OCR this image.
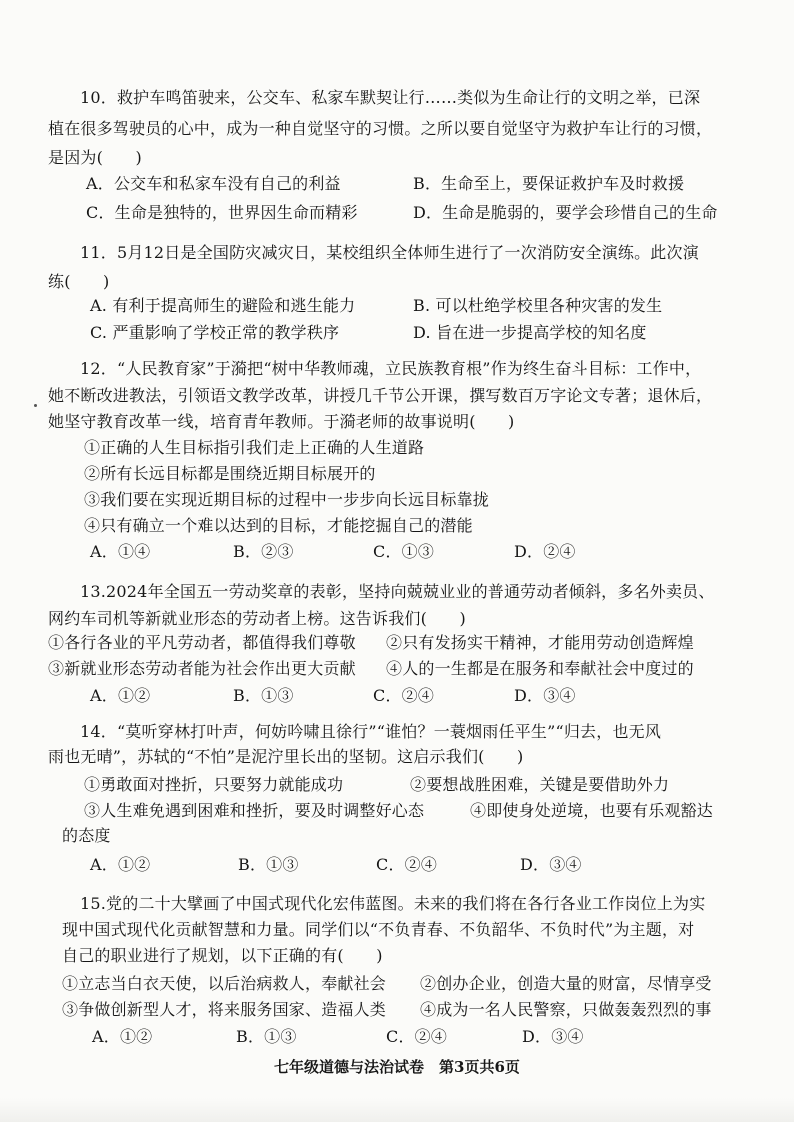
10．救护车鸣笛驶来，公交车、私家车默契让行……类似为生命让行的文明之举，已深
植在很多驾驶员的心中，成为一种自觉坚守的习惯。之所以要自觉坚守为救护车让行的习惯，
是因为(　　)
A．公交车和私家车没有自己的利益	B．生命至上，要保证救护车及时救援
C．生命是独特的，世界因生命而精彩	D．生命是脆弱的，要学会珍惜自己的生命
11．5月12日是全国防灾减灾日，某校组织全体师生进行了一次消防安全演练。此次演
练(　　)
A. 有利于提高师生的避险和逃生能力	B. 可以杜绝学校里各种灾害的发生
C. 严重影响了学校正常的教学秩序	D. 旨在进一步提高学校的知名度
12．“人民教育家”于漪把“树中华教师魂，立民族教育根”作为终生奋斗目标：工作中，
她不断改进教法，引领语文教学改革，讲授几千节公开课，撰写数百万字论文专著；退休后，
她坚守教育改革一线，培育青年教师。于漪老师的故事说明(　　)
①正确的人生目标指引我们走上正确的人生道路
②所有长远目标都是围绕近期目标展开的
③我们要在实现近期目标的过程中一步步向长远目标靠拢
④只有确立一个难以达到的目标，才能挖掘自己的潜能
A．①④	B．②③	C．①③	D．②④
13.2024年全国五一劳动奖章的表彰，坚持向兢兢业业的普通劳动者倾斜，多名外卖员、
网约车司机等新就业形态的劳动者上榜。这告诉我们(　　)
①各行各业的平凡劳动者，都值得我们尊敬 ②只有发扬实干精神，才能用劳动创造辉煌
③新就业形态劳动者能为社会作出更大贡献 ④人的一生都是在服务和奉献社会中度过的
A．①②	B．①③	C．②④	D．③④
14．“莫听穿林打叶声，何妨吟啸且徐行”“谁怕？一蓑烟雨任平生”“归去，也无风
雨也无晴”，苏轼的“不怕”是泥泞里长出的坚韧。这启示我们(　　)
①勇敢面对挫折，只要努力就能成功	②要想战胜困难，关键是要借助外力
③人生难免遇到困难和挫折，要及时调整好心态	④即使身处逆境，也要有乐观豁达
的态度
A．①②	B．①③	C．②④	D．③④
15.党的二十大擘画了中国式现代化宏伟蓝图。未来的我们将在各行各业工作岗位上为实
现中国式现代化贡献智慧和力量。同学们以“不负青春、不负韶华、不负时代”为主题，对
自己的职业进行了规划，以下正确的有(　　)
①立志当白衣天使，以后治病救人，奉献社会 ②创办企业，创造大量的财富，尽情享受
③争做创新型人才，将来服务国家、造福人类 ④成为一名人民警察，只做轰轰烈烈的事
A．①②	B．①③	C．②④	D．③④
七年级道德与法治试卷　第3页共6页
